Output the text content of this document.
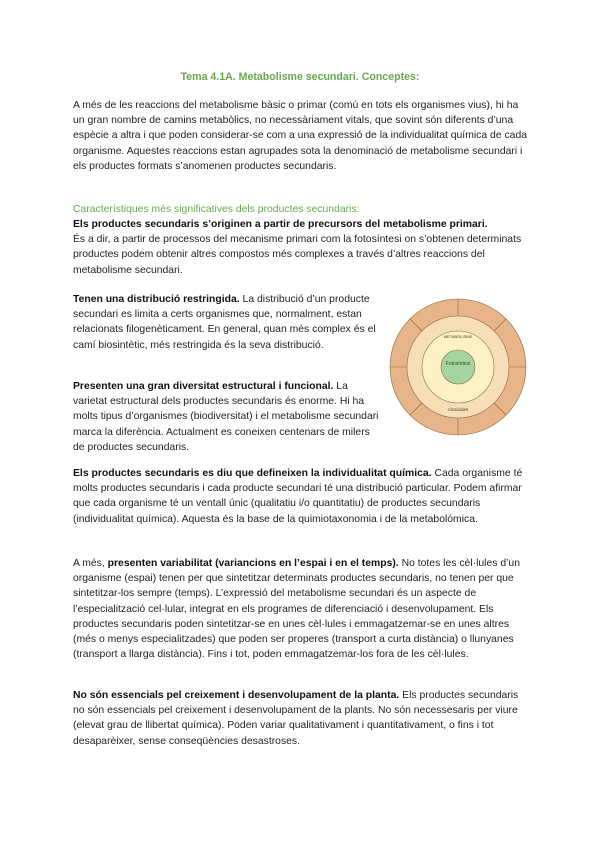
Tema 4.1A. Metabolisme secundari. Conceptes:

A més de les reaccions del metabolisme bàsic o primar (comú en tots els organismes vius), hi ha un gran nombre de camins metabòlics, no necessàriament vitals, que sovint són diferents d’una espècie a altra i que poden considerar-se com a una expressió de la individualitat química de cada organisme. Aquestes reaccions estan agrupades sota la denominació de metabolisme secundari i els productes formats s’anomenen productes secundaris.

Característiques més significatives dels productes secundaris:

Els productes secundaris s’originen a partir de precursors del metabolisme primari.
És a dir, a partir de processos del mecanisme primari com la fotosíntesi on s’obtenen determinats productes podem obtenir altres compostos més complexes a través d’altres reaccions del metabolisme secundari.

Tenen una distribució restringida. La distribució d’un producte secundari es limita a certs organismes que, normalment, estan relacionats filogenèticament. En general, quan més complex és el camí biosintètic, més restringida és la seva distribució.

Presenten una gran diversitat estructural i funcional. La varietat estructural dels productes secundaris és enorme. Hi ha molts tipus d’organismes (biodiversitat) i el metabolisme secundari marca la diferència. Actualment es coneixen centenars de milers de productes secundaris.

Els productes secundaris es diu que defineixen la individualitat química. Cada organisme té molts productes secundaris i cada producte secundari té una distribució particular. Podem afirmar que cada organisme té un ventall únic (qualitatiu i/o quantitatiu) de productes secundaris (individualitat química). Aquesta és la base de la quimiotaxonomia i de la metabolómica.

A més, presenten variabilitat (variancions en l’espai i en el temps). No totes les cèl·lules d’un organisme (espai) tenen per que sintetitzar determinats productes secundaris, no tenen per que sintetitzar-los sempre (temps). L’expressió del metabolisme secundari és un aspecte de l’especialització cel·lular, integrat en els programes de diferenciació i desenvolupament. Els productes secundaris poden sintetitzar-se en unes cèl·lules i emmagatzemar-se en unes altres (més o menys especialitzades) que poden ser properes (transport a curta distància) o llunyanes (transport a llarga distància). Fins i tot, poden emmagatzemar-los fora de les cèl·lules.

No són essencials pel creixement i desenvolupament de la planta. Els productes secundaris no són essencials pel creixement i desenvolupament de la plants. No són necessesaris per viure (elevat grau de llibertat química). Poden variar qualitativament i quantitativament, o fins i tot desaparèixer, sense conseqüències desastroses.

Fotosíntesi
METABOLISME
Alcaloides
